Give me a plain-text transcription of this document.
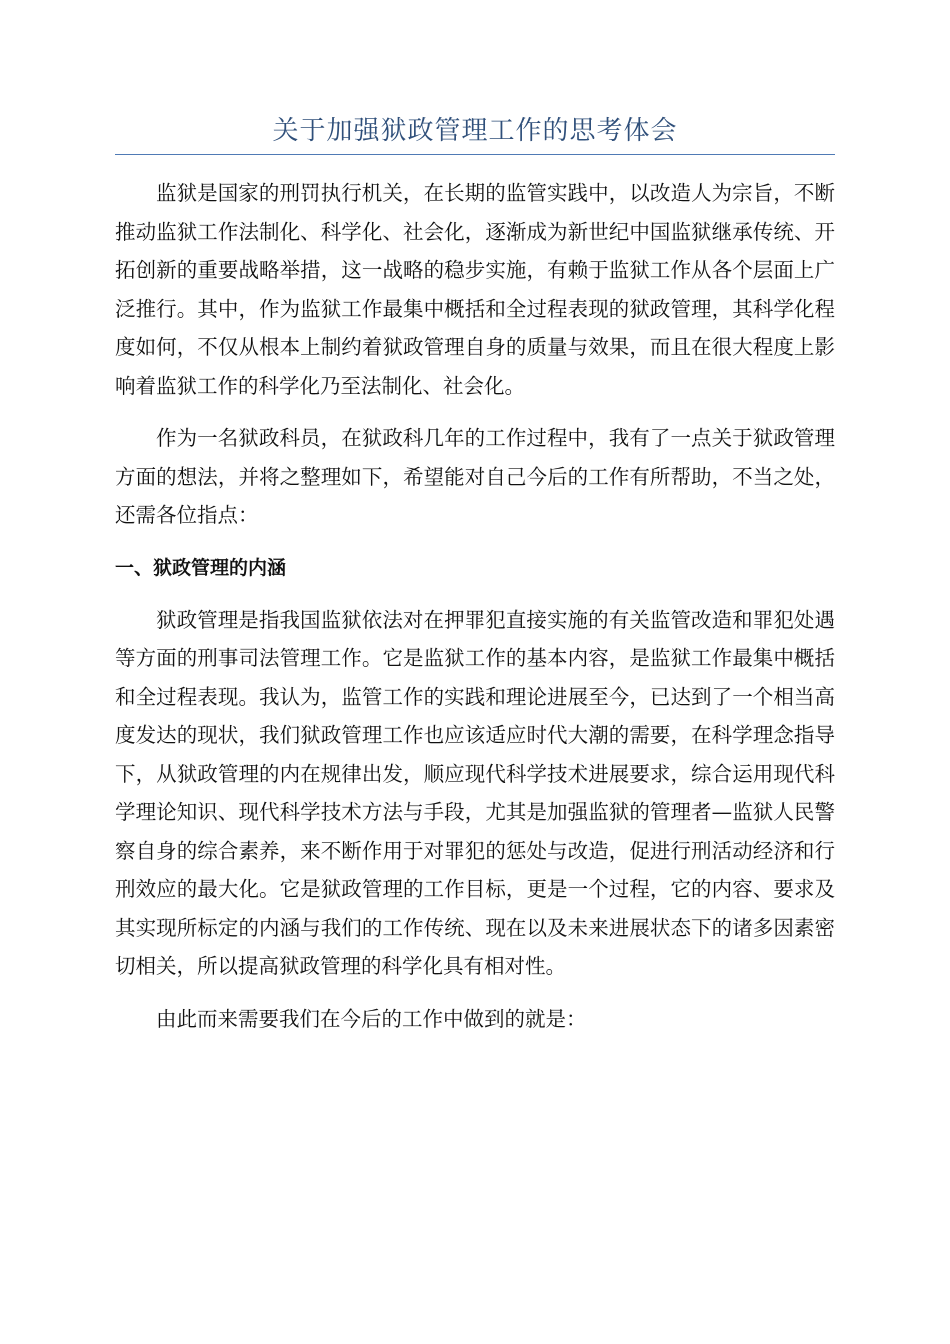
关于加强狱政管理工作的思考体会

监狱是国家的刑罚执行机关，在长期的监管实践中，以改造人为宗旨，不断推动监狱工作法制化、科学化、社会化，逐渐成为新世纪中国监狱继承传统、开拓创新的重要战略举措，这一战略的稳步实施，有赖于监狱工作从各个层面上广泛推行。其中，作为监狱工作最集中概括和全过程表现的狱政管理，其科学化程度如何，不仅从根本上制约着狱政管理自身的质量与效果，而且在很大程度上影响着监狱工作的科学化乃至法制化、社会化。

作为一名狱政科员，在狱政科几年的工作过程中，我有了一点关于狱政管理方面的想法，并将之整理如下，希望能对自己今后的工作有所帮助，不当之处，还需各位指点：

一、狱政管理的内涵

狱政管理是指我国监狱依法对在押罪犯直接实施的有关监管改造和罪犯处遇等方面的刑事司法管理工作。它是监狱工作的基本内容，是监狱工作最集中概括和全过程表现。我认为，监管工作的实践和理论进展至今，已达到了一个相当高度发达的现状，我们狱政管理工作也应该适应时代大潮的需要，在科学理念指导下，从狱政管理的内在规律出发，顺应现代科学技术进展要求，综合运用现代科学理论知识、现代科学技术方法与手段，尤其是加强监狱的管理者—监狱人民警察自身的综合素养，来不断作用于对罪犯的惩处与改造，促进行刑活动经济和行刑效应的最大化。它是狱政管理的工作目标，更是一个过程，它的内容、要求及其实现所标定的内涵与我们的工作传统、现在以及未来进展状态下的诸多因素密切相关，所以提高狱政管理的科学化具有相对性。

由此而来需要我们在今后的工作中做到的就是：
